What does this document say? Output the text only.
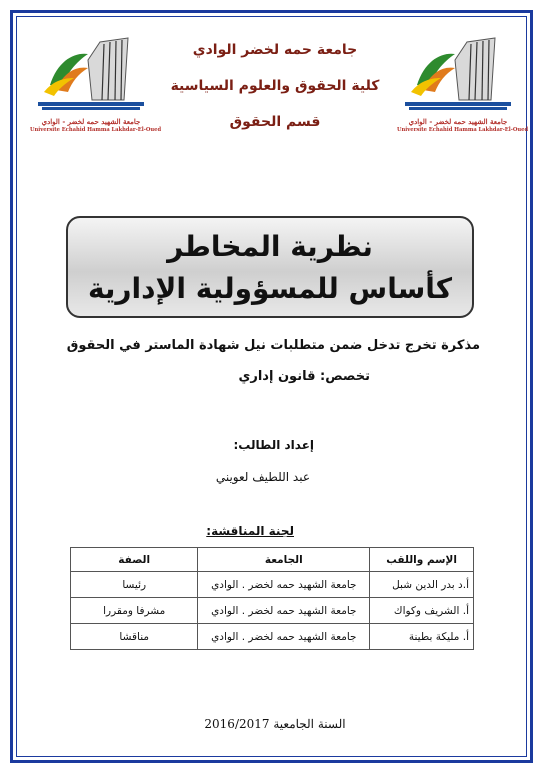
جامعة الشهيد حمه لخضر - الوادي
Universite Echahid Hamma Lakhdar-El-Oued
جامعة الشهيد حمه لخضر - الوادي
Universite Echahid Hamma Lakhdar-El-Oued
جامعة حمه لخضر الوادي
كلية الحقوق والعلوم السياسية
قسم الحقوق
نظرية المخاطر
كأساس للمسؤولية الإدارية
مذكرة تخرج تدخل ضمن متطلبات نيل شهادة الماستر في الحقوق
تخصص: قانون إداري
إعداد الطالب:
عبد اللطيف لعويني
لجنة المناقشة:
الإسم واللقب	الجامعة	الصفة
أ.د بدر الدين شبل	جامعة الشهيد حمه لخضر . الوادي	رئيسا
أ. الشريف وكواك	جامعة الشهيد حمه لخضر . الوادي	مشرفا ومقررا
أ. مليكة بطينة	جامعة الشهيد حمه لخضر . الوادي	مناقشا
السنة الجامعية 2016/2017
